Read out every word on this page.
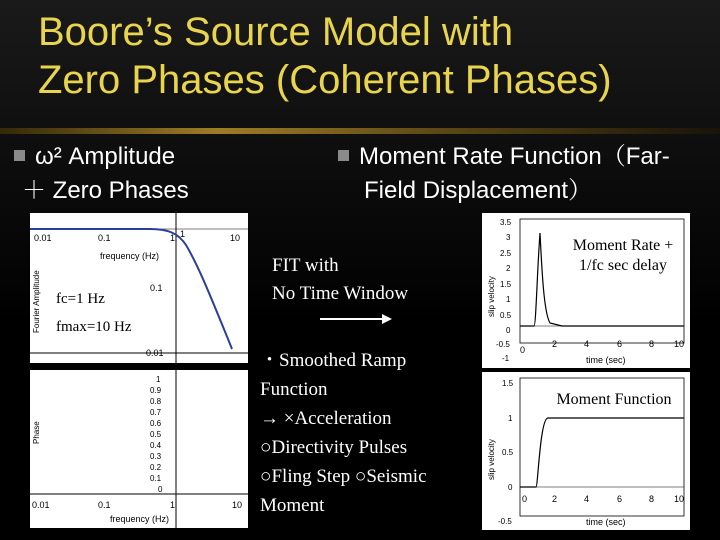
Boore’s Source Model with
Zero Phases (Coherent Phases)
ω² Amplitude
＋ Zero Phases
Moment Rate Function（Far-
Field Displacement）
0.01	0.1	1	10
frequency (Hz)
1
0.1
0.01
Fourier Amplitude fc=1 Hz
fmax=10 Hz
1
0.9
0.8
0.7
0.6
0.5
0.4
0.3
0.2
0.1
0
0.01	0.1	1	10
frequency (Hz)
Phase
FIT with
No Time Window
・Smoothed Ramp
Function
→ ×Acceleration
○Directivity Pulses
○Fling Step ○Seismic
Moment
3.5
3
2.5
2
1.5
1
0.5
0
-0.5
-1
0
2	4	6	8 10
time (sec)
slip velocity
Moment Rate +
1/fc sec delay
1.5
1
0.5
0
-0.5
0	2	4	6	8 10
time (sec)
slip velocity
Moment Function
